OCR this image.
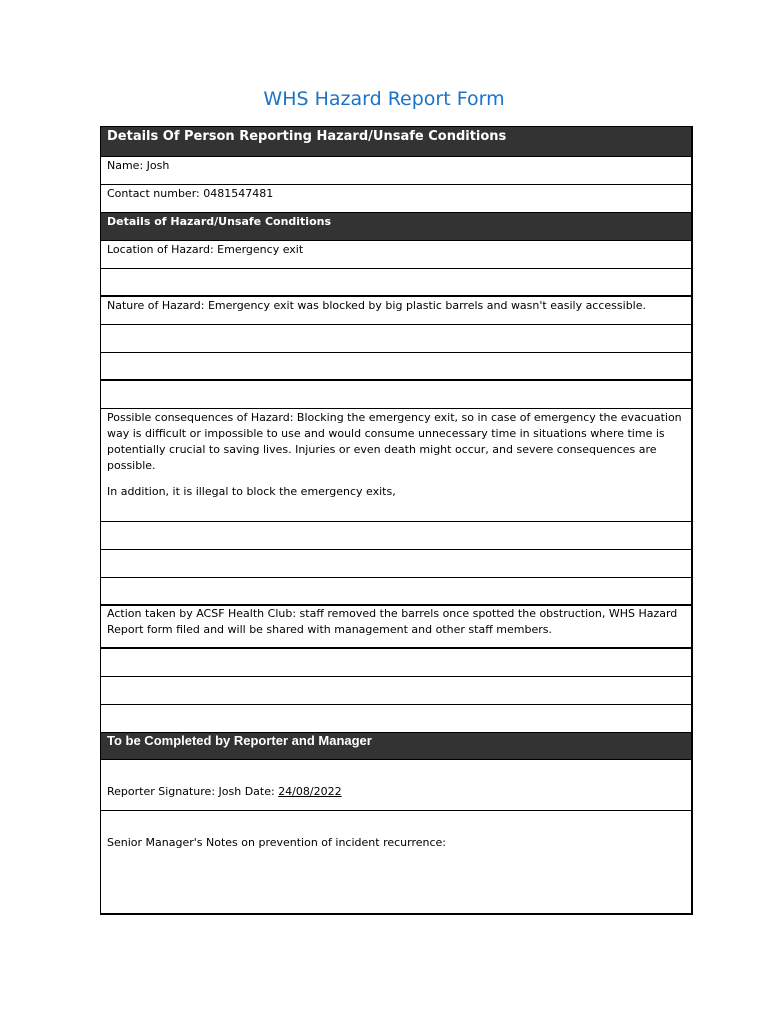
WHS Hazard Report Form
Details Of Person Reporting Hazard/Unsafe Conditions
Name: Josh
Contact number: 0481547481
Details of Hazard/Unsafe Conditions
Location of Hazard: Emergency exit
Nature of Hazard: Emergency exit was blocked by big plastic barrels and wasn't easily accessible.

Possible consequences of Hazard: Blocking the emergency exit, so in case of emergency the evacuation way is difficult or impossible to use and would consume unnecessary time in situations where time is potentially crucial to saving lives. Injuries or even death might occur, and severe consequences are possible.

In addition, it is illegal to block the emergency exits,

Action taken by ACSF Health Club: staff removed the barrels once spotted the obstruction, WHS Hazard Report form filed and will be shared with management and other staff members.
To be Completed by Reporter and Manager
Reporter Signature: Josh Date: 24/08/2022
Senior Manager's Notes on prevention of incident recurrence:
